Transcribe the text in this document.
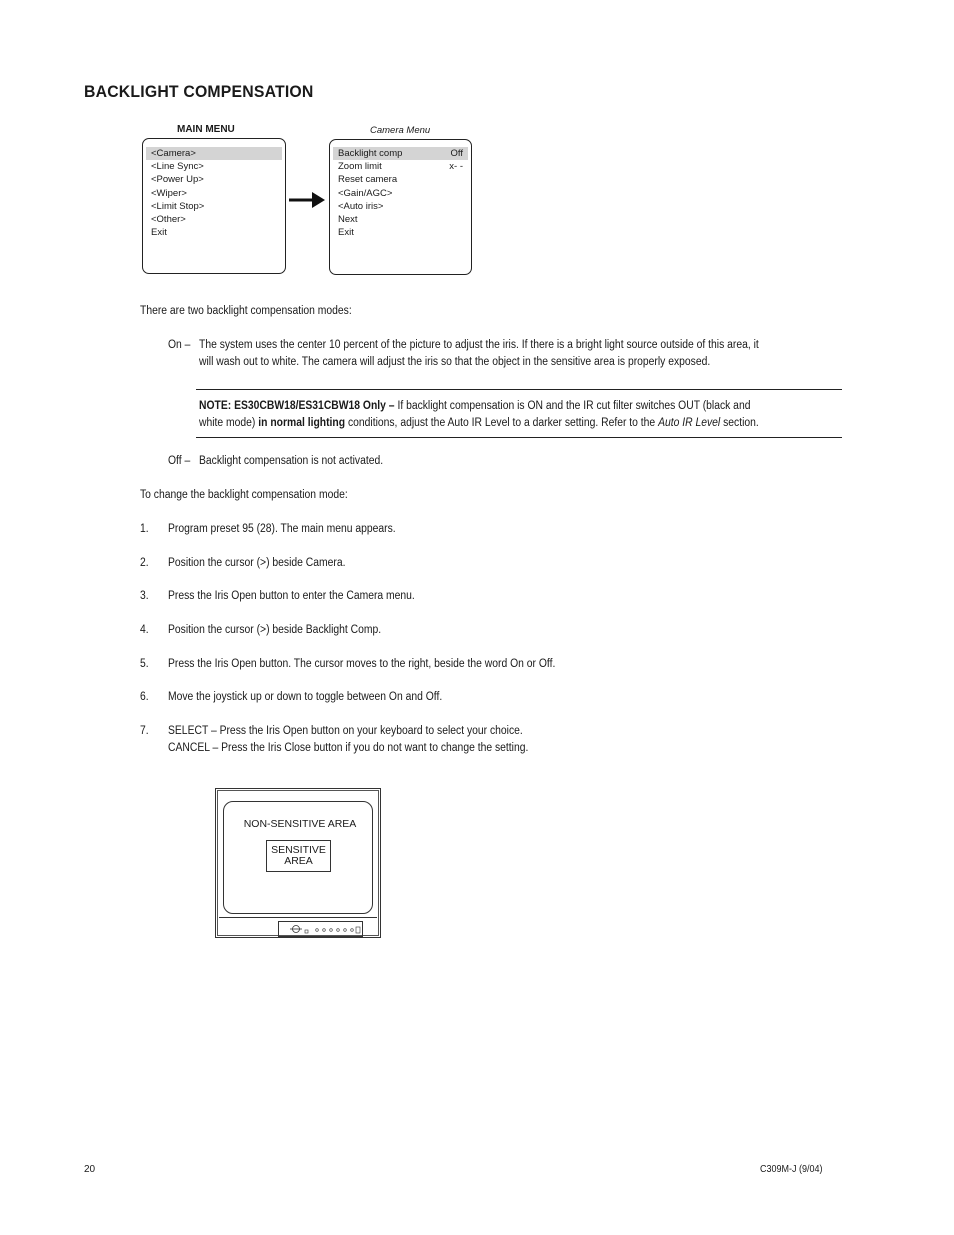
BACKLIGHT COMPENSATION
MAIN MENU
<Camera>
<Line Sync>
<Power Up>
<Wiper>
<Limit Stop>
<Other>
Exit
Camera Menu
Backlight comp	Off
Zoom limit	x- -
Reset camera
<Gain/AGC>
<Auto iris>
Next
Exit
There are two backlight compensation modes:
On – The system uses the center 10 percent of the picture to adjust the iris. If there is a bright light source outside of this area, it
will wash out to white. The camera will adjust the iris so that the object in the sensitive area is properly exposed.
NOTE: ES30CBW18/ES31CBW18 Only – If backlight compensation is ON and the IR cut filter switches OUT (black and
white mode) in normal lighting conditions, adjust the Auto IR Level to a darker setting. Refer to the Auto IR Level section.
Off – Backlight compensation is not activated.
To change the backlight compensation mode:
1. Program preset 95 (28). The main menu appears.
2. Position the cursor (>) beside Camera.
3. Press the Iris Open button to enter the Camera menu.
4. Position the cursor (>) beside Backlight Comp.
5. Press the Iris Open button. The cursor moves to the right, beside the word On or Off.
6. Move the joystick up or down to toggle between On and Off.
7. SELECT – Press the Iris Open button on your keyboard to select your choice.
CANCEL – Press the Iris Close button if you do not want to change the setting.
NON-SENSITIVE AREA
SENSITIVE
AREA
20	C309M-J (9/04)
